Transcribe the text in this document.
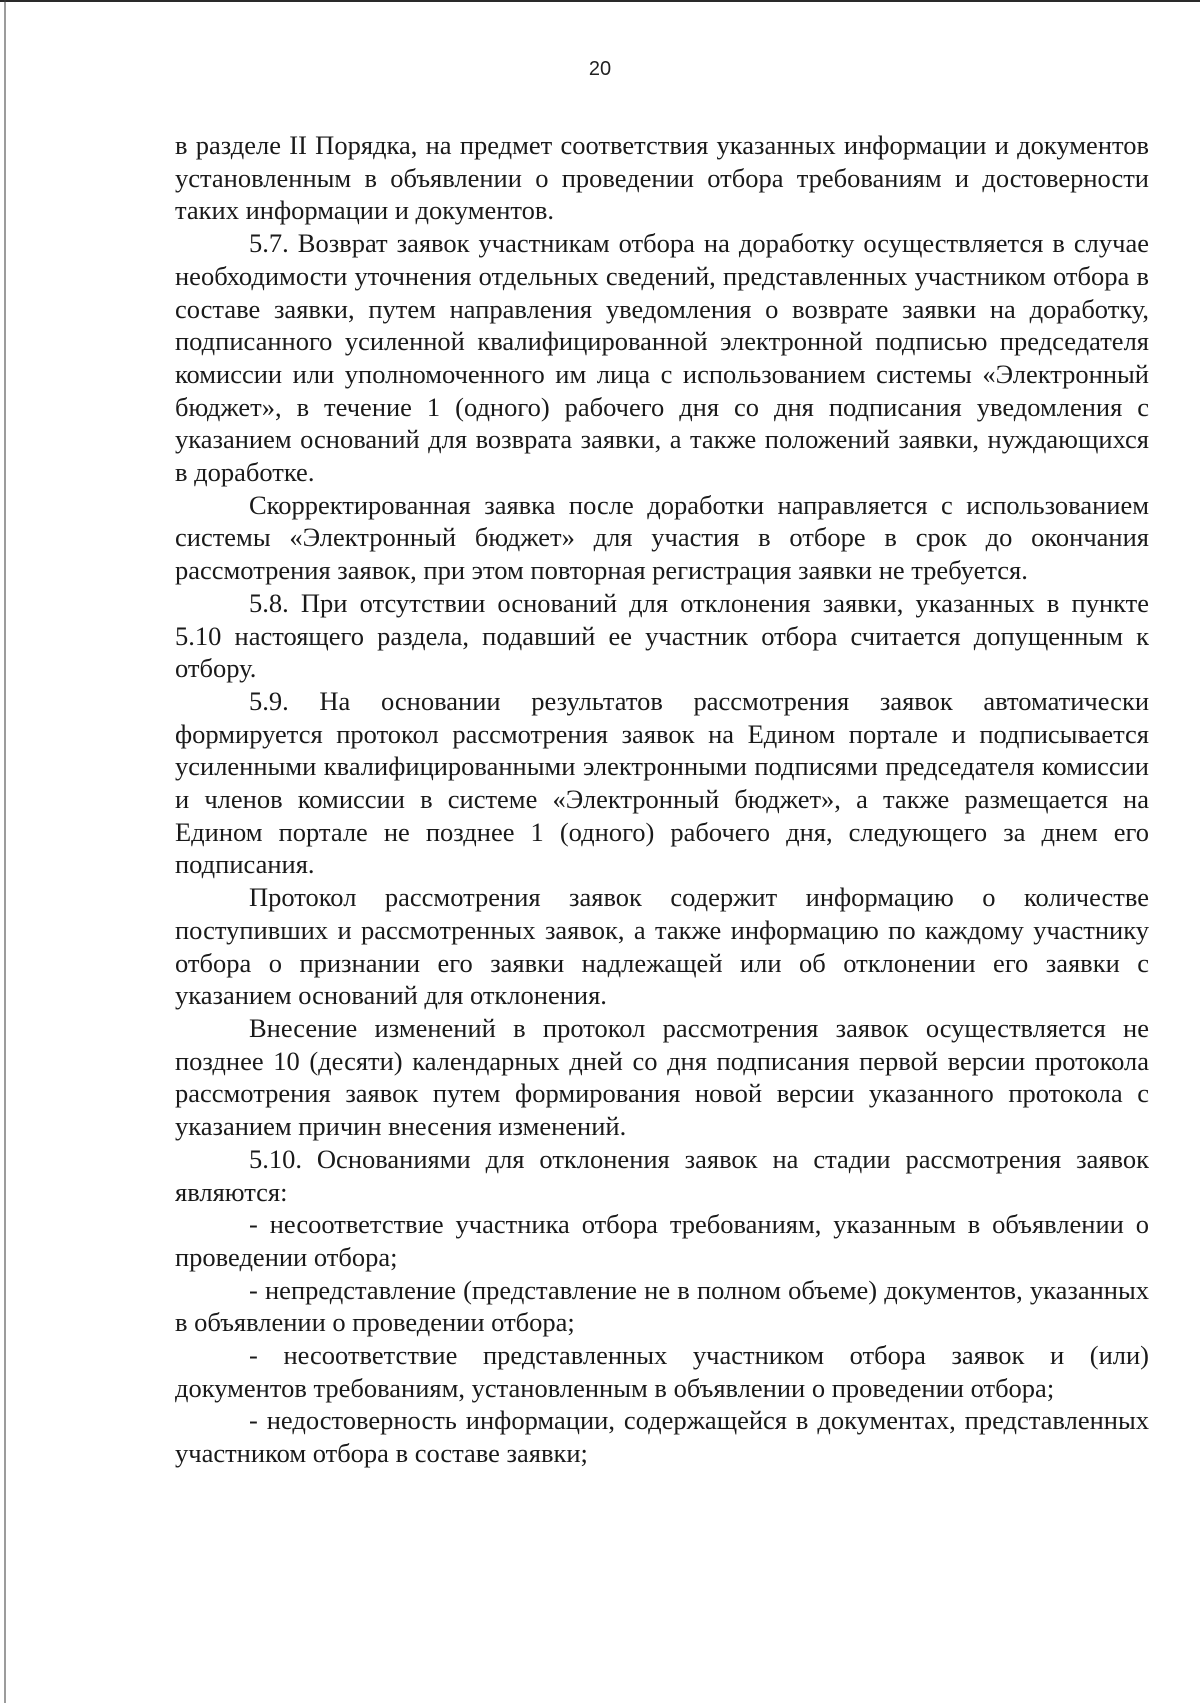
20

в разделе II Порядка, на предмет соответствия указанных информации и документов установленным в объявлении о проведении отбора требованиям и достоверности таких информации и документов.

5.7. Возврат заявок участникам отбора на доработку осуществляется в случае необходимости уточнения отдельных сведений, представленных участником отбора в составе заявки, путем направления уведомления о возврате заявки на доработку, подписанного усиленной квалифицированной электронной подписью председателя комиссии или уполномоченного им лица с использованием системы «Электронный бюджет», в течение 1 (одного) рабочего дня со дня подписания уведомления с указанием оснований для возврата заявки, а также положений заявки, нуждающихся в доработке.

Скорректированная заявка после доработки направляется с использованием системы «Электронный бюджет» для участия в отборе в срок до окончания рассмотрения заявок, при этом повторная регистрация заявки не требуется.

5.8. При отсутствии оснований для отклонения заявки, указанных в пункте 5.10 настоящего раздела, подавший ее участник отбора считается допущенным к отбору.

5.9. На основании результатов рассмотрения заявок автоматически формируется протокол рассмотрения заявок на Едином портале и подписывается усиленными квалифицированными электронными подписями председателя комиссии и членов комиссии в системе «Электронный бюджет», а также размещается на Едином портале не позднее 1 (одного) рабочего дня, следующего за днем его подписания.

Протокол рассмотрения заявок содержит информацию о количестве поступивших и рассмотренных заявок, а также информацию по каждому участнику отбора о признании его заявки надлежащей или об отклонении его заявки с указанием оснований для отклонения.

Внесение изменений в протокол рассмотрения заявок осуществляется не позднее 10 (десяти) календарных дней со дня подписания первой версии протокола рассмотрения заявок путем формирования новой версии указанного протокола с указанием причин внесения изменений.

5.10. Основаниями для отклонения заявок на стадии рассмотрения заявок являются:

- несоответствие участника отбора требованиям, указанным в объявлении о проведении отбора;

- непредставление (представление не в полном объеме) документов, указанных в объявлении о проведении отбора;

- несоответствие представленных участником отбора заявок и (или) документов требованиям, установленным в объявлении о проведении отбора;

- недостоверность информации, содержащейся в документах, представленных участником отбора в составе заявки;
